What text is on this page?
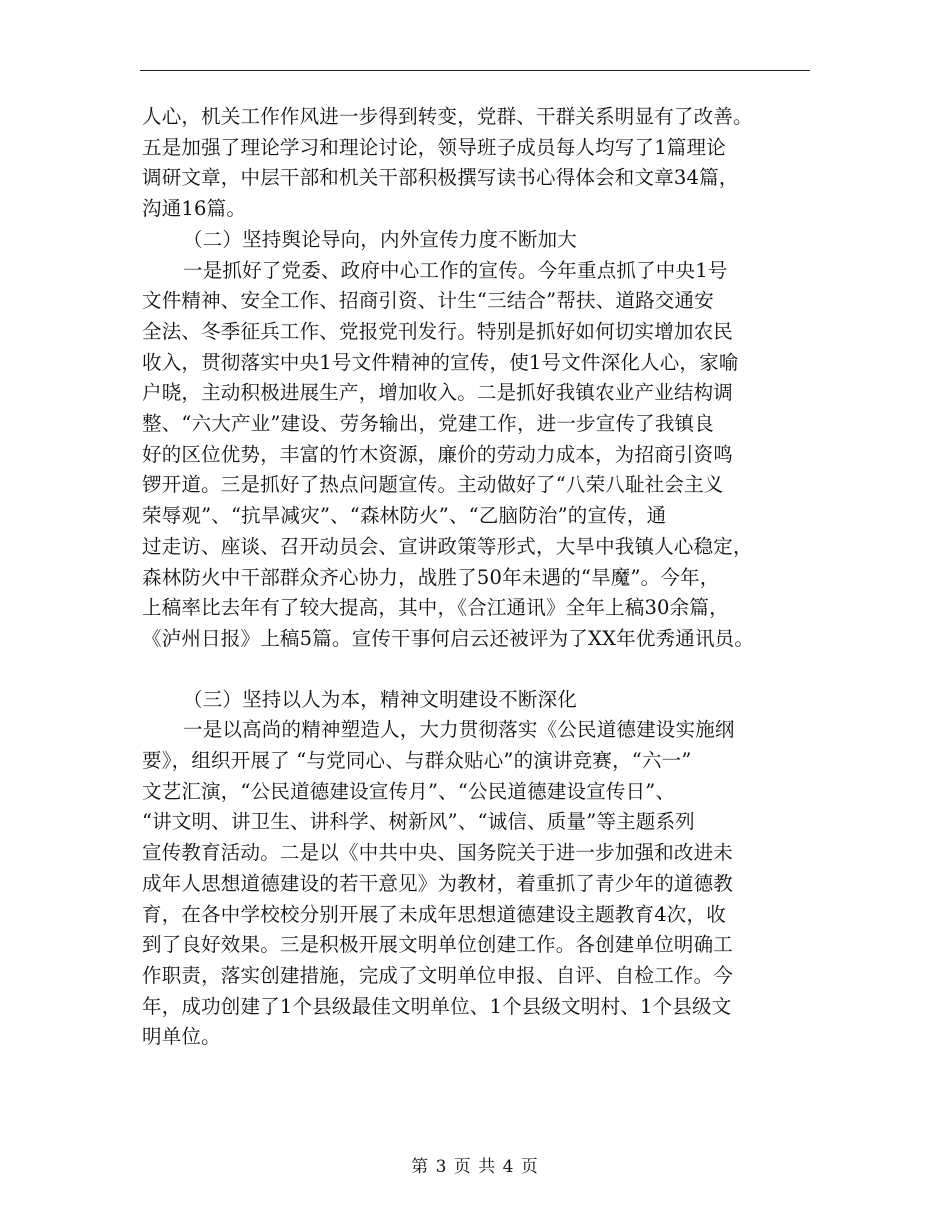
人心，机关工作作风进一步得到转变，党群、干群关系明显有了改善。
五是加强了理论学习和理论讨论，领导班子成员每人均写了1篇理论
调研文章，中层干部和机关干部积极撰写读书心得体会和文章34篇，
沟通16篇。
（二）坚持舆论导向，内外宣传力度不断加大
一是抓好了党委、政府中心工作的宣传。今年重点抓了中央1号
文件精神、安全工作、招商引资、计生“三结合”帮扶、道路交通安
全法、冬季征兵工作、党报党刊发行。特别是抓好如何切实增加农民
收入，贯彻落实中央1号文件精神的宣传，使1号文件深化人心，家喻
户晓，主动积极进展生产，增加收入。二是抓好我镇农业产业结构调
整、“六大产业”建设、劳务输出，党建工作，进一步宣传了我镇良
好的区位优势，丰富的竹木资源，廉价的劳动力成本，为招商引资鸣
锣开道。三是抓好了热点问题宣传。主动做好了“八荣八耻社会主义
荣辱观”、“抗旱减灾”、“森林防火”、“乙脑防治”的宣传，通
过走访、座谈、召开动员会、宣讲政策等形式，大旱中我镇人心稳定，
森林防火中干部群众齐心协力，战胜了50年未遇的“旱魔”。今年，
上稿率比去年有了较大提高，其中，《合江通讯》全年上稿30余篇，
《泸州日报》上稿5篇。宣传干事何启云还被评为了XX年优秀通讯员。
（三）坚持以人为本，精神文明建设不断深化
一是以高尚的精神塑造人，大力贯彻落实《公民道德建设实施纲
要》，组织开展了 “与党同心、与群众贴心”的演讲竞赛，“六一”
文艺汇演，“公民道德建设宣传月”、“公民道德建设宣传日”、
“讲文明、讲卫生、讲科学、树新风”、“诚信、质量”等主题系列
宣传教育活动。二是以《中共中央、国务院关于进一步加强和改进未
成年人思想道德建设的若干意见》为教材，着重抓了青少年的道德教
育，在各中学校校分别开展了未成年思想道德建设主题教育4次，收
到了良好效果。三是积极开展文明单位创建工作。各创建单位明确工
作职责，落实创建措施，完成了文明单位申报、自评、自检工作。今
年，成功创建了1个县级最佳文明单位、1个县级文明村、1个县级文
明单位。
第 3 页 共 4 页
